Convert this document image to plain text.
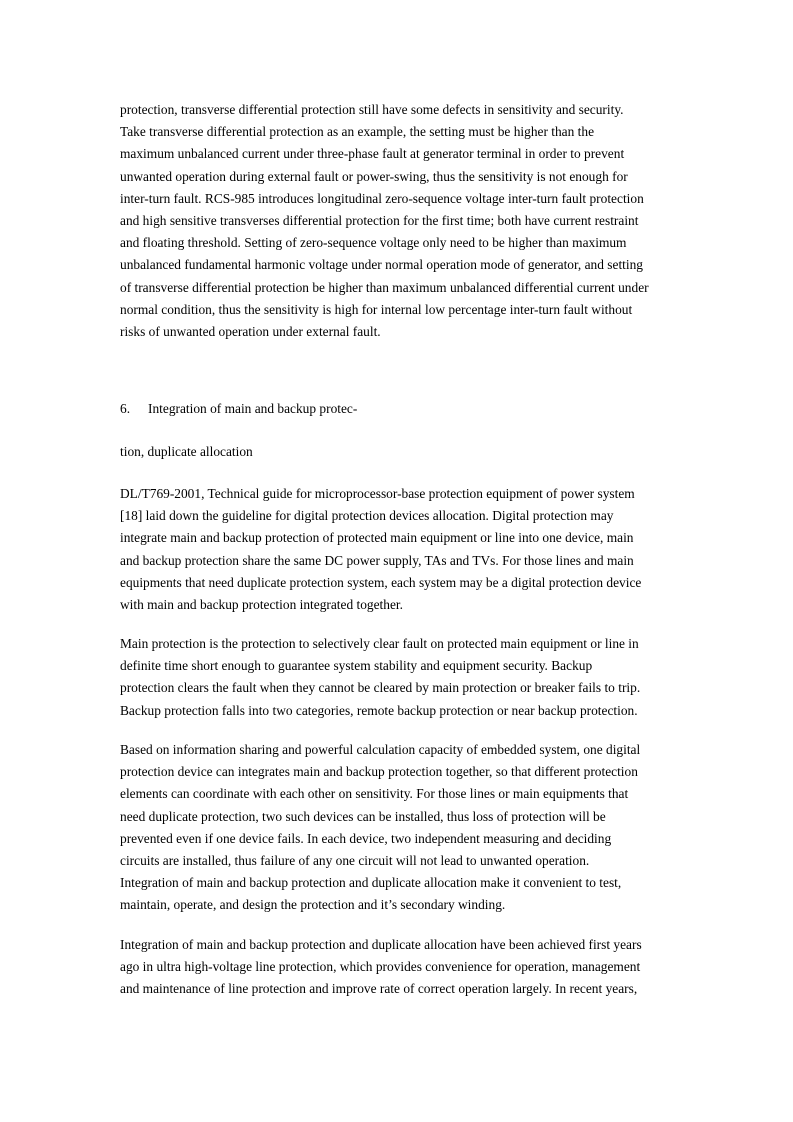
protection, transverse differential protection still have some defects in sensitivity and security.
Take transverse differential protection as an example, the setting must be higher than the
maximum unbalanced current under three-phase fault at generator terminal in order to prevent
unwanted operation during external fault or power-swing, thus the sensitivity is not enough for
inter-turn fault. RCS-985 introduces longitudinal zero-sequence voltage inter-turn fault protection
and high sensitive transverses differential protection for the first time; both have current restraint
and floating threshold. Setting of zero-sequence voltage only need to be higher than maximum
unbalanced fundamental harmonic voltage under normal operation mode of generator, and setting
of transverse differential protection be higher than maximum unbalanced differential current under
normal condition, thus the sensitivity is high for internal low percentage inter-turn fault without
risks of unwanted operation under external fault.
6. Integration of main and backup protec-
tion, duplicate allocation
DL/T769-2001, Technical guide for microprocessor-base protection equipment of power system
[18] laid down the guideline for digital protection devices allocation. Digital protection may
integrate main and backup protection of protected main equipment or line into one device, main
and backup protection share the same DC power supply, TAs and TVs. For those lines and main
equipments that need duplicate protection system, each system may be a digital protection device
with main and backup protection integrated together.
Main protection is the protection to selectively clear fault on protected main equipment or line in
definite time short enough to guarantee system stability and equipment security. Backup
protection clears the fault when they cannot be cleared by main protection or breaker fails to trip.
Backup protection falls into two categories, remote backup protection or near backup protection.
Based on information sharing and powerful calculation capacity of embedded system, one digital
protection device can integrates main and backup protection together, so that different protection
elements can coordinate with each other on sensitivity. For those lines or main equipments that
need duplicate protection, two such devices can be installed, thus loss of protection will be
prevented even if one device fails. In each device, two independent measuring and deciding
circuits are installed, thus failure of any one circuit will not lead to unwanted operation.
Integration of main and backup protection and duplicate allocation make it convenient to test,
maintain, operate, and design the protection and it’s secondary winding.
Integration of main and backup protection and duplicate allocation have been achieved first years
ago in ultra high-voltage line protection, which provides convenience for operation, management
and maintenance of line protection and improve rate of correct operation largely. In recent years,
